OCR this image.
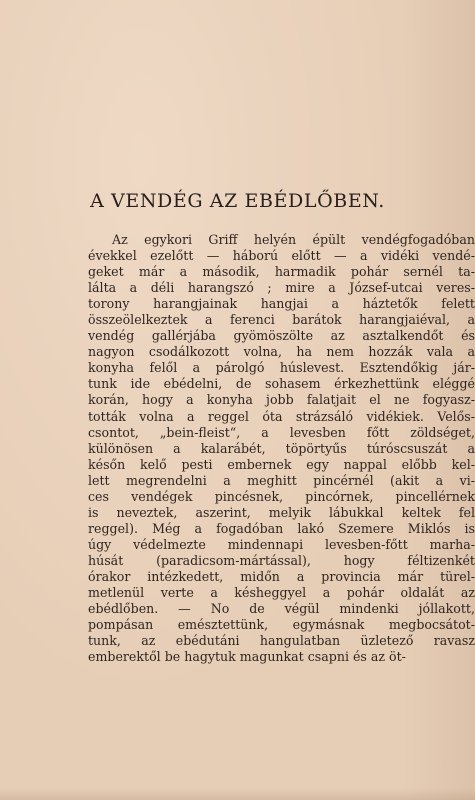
A VENDÉG AZ EBÉDLŐBEN.
Az egykori Griff helyén épült vendégfogadóban
évekkel ezelőtt — háború előtt — a vidéki vendé-
geket már a második, harmadik pohár sernél ta-
lálta a déli harangszó ; mire a József-utcai veres-
torony harangjainak hangjai a háztetők felett
összeölelkeztek a ferenci barátok harangjaiéval, a
vendég gallérjába gyömöszölte az asztalkendőt és
nagyon csodálkozott volna, ha nem hozzák vala a
konyha felől a párolgó húslevest. Esztendőkig jár-
tunk ide ebédelni, de sohasem érkezhettünk eléggé
korán, hogy a konyha jobb falatjait el ne fogyasz-
tották volna a reggel óta strázsáló vidékiek. Velős-
csontot, „bein-fleist“, a levesben főtt zöldséget,
különösen a kalarábét, töpörtyűs túróscsuszát a
későn kelő pesti embernek egy nappal előbb kel-
lett megrendelni a meghitt pincérnél (akit a vi-
ces vendégek pincésnek, pincórnek, pincellérnek
is neveztek, aszerint, melyik lábukkal keltek fel
reggel). Még a fogadóban lakó Szemere Miklós is
úgy védelmezte mindennapi levesben-főtt marha-
húsát (paradicsom-mártással), hogy féltizenkét
órakor intézkedett, midőn a provincia már türel-
metlenül verte a késheggyel a pohár oldalát az
ebédlőben. — No de végül mindenki jóllakott,
pompásan emésztettünk, egymásnak megbocsátot-
tunk, az ebédutáni hangulatban üzletező ravasz
emberektől be hagytuk magunkat csapni és az öt-
